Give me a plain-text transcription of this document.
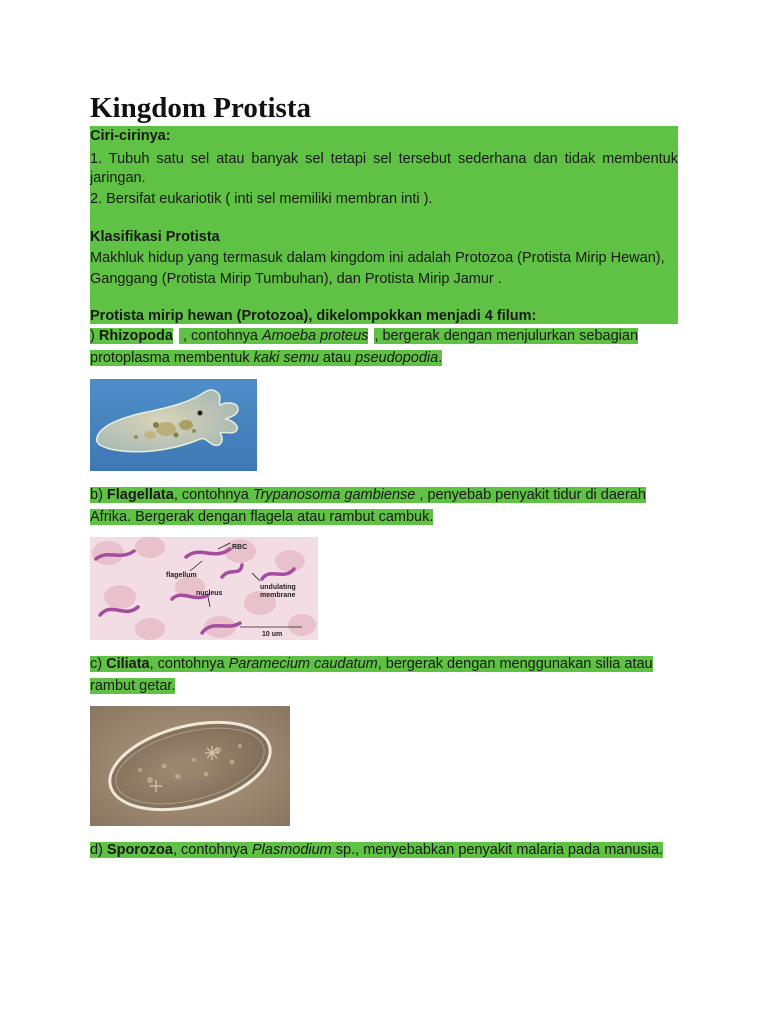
Kingdom Protista
Ciri-cirinya:
1. Tubuh satu sel atau banyak sel tetapi sel tersebut sederhana dan tidak membentuk
jaringan.
2. Bersifat eukariotik ( inti sel memiliki membran inti ).
Klasifikasi Protista
Makhluk hidup yang termasuk dalam kingdom ini adalah Protozoa (Protista Mirip Hewan),
Ganggang (Protista Mirip Tumbuhan), dan Protista Mirip Jamur .
Protista mirip hewan (Protozoa), dikelompokkan menjadi 4 filum:
) Rhizopoda , contohnya Amoeba proteus , bergerak dengan menjulurkan sebagian
protoplasma membentuk kaki semu atau pseudopodia.
b) Flagellata, contohnya Trypanosoma gambiense , penyebab penyakit tidur di daerah
Afrika. Bergerak dengan flagela atau rambut cambuk.
RBC
flagellum
nucleus
undulating
membrane
10 um
c) Ciliata, contohnya Paramecium caudatum, bergerak dengan menggunakan silia atau
rambut getar.
d) Sporozoa, contohnya Plasmodium sp., menyebabkan penyakit malaria pada manusia.
